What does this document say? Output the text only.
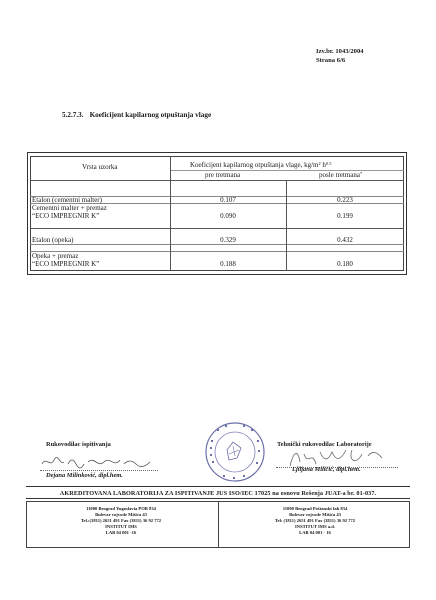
Izv.br. 1043/2004
Strana 6/6
5.2.7.3. Koeficijent kapilarnog otpuštanja vlage
Vrsta uzorka	Koeficijent kapilarnog otpuštanja vlage, kg/m² $h^{0.5}$
pre tretmana	posle tretmana*
Etalon (cementni malter)	0.107	0.223
Cementni malter + premaz
“ECO IMPREGNIR K”	0.090	0.199
Etalon (opeka)	0.329	0.432
Opeka + premaz
“ECO IMPREGNIR K”	0.188	0.180
Rukovodilac ispitivanja
Dejana Milinković, dipl.hem.
Tehnički rukovodilac Laboratorije
Ljiljana Miličić, dipl.hem.
AKREDITOVANA LABORATORIJA ZA ISPITIVANJE JUS ISO/IEC 17025 na osnovu Rešenja JUAT-a br. 01-037.
11000 Beograd Yugoslavia POB 834
Bulevar vojvode Mišića 43
Tel.:(3811) 2651 491 Fax (3811) 36 92 772
INSTITUT IMS
LAB 04 001 -16
11000 Beograd Poštanski fah 834
Bulevar vojvode Mišića 43
Tel: (3811) 2651 491 Fax (3811) 36 92 772
INSTITUT IMS a.d.
LAB 04 001 - 16
